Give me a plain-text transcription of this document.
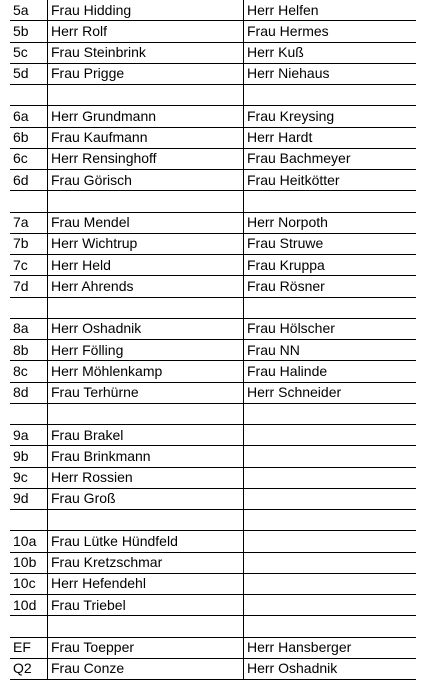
5a	Frau Hidding	Herr Helfen
5b	Herr Rolf	Frau Hermes
5c	Frau Steinbrink	Herr Kuß
5d	Frau Prigge	Herr Niehaus

6a	Herr Grundmann	Frau Kreysing
6b	Frau Kaufmann	Herr Hardt
6c	Herr Rensinghoff	Frau Bachmeyer
6d	Frau Görisch	Frau Heitkötter

7a	Frau Mendel	Herr Norpoth
7b	Herr Wichtrup	Frau Struwe
7c	Herr Held	Frau Kruppa
7d	Herr Ahrends	Frau Rösner

8a	Herr Oshadnik	Frau Hölscher
8b	Herr Fölling	Frau NN
8c	Herr Möhlenkamp	Frau Halinde
8d	Frau Terhürne	Herr Schneider

9a	Frau Brakel	
9b	Frau Brinkmann	
9c	Herr Rossien	
9d	Frau Groß	

10a	Frau Lütke Hündfeld	
10b	Frau Kretzschmar	
10c	Herr Hefendehl	
10d	Frau Triebel	

EF	Frau Toepper	Herr Hansberger
Q2	Frau Conze	Herr Oshadnik
